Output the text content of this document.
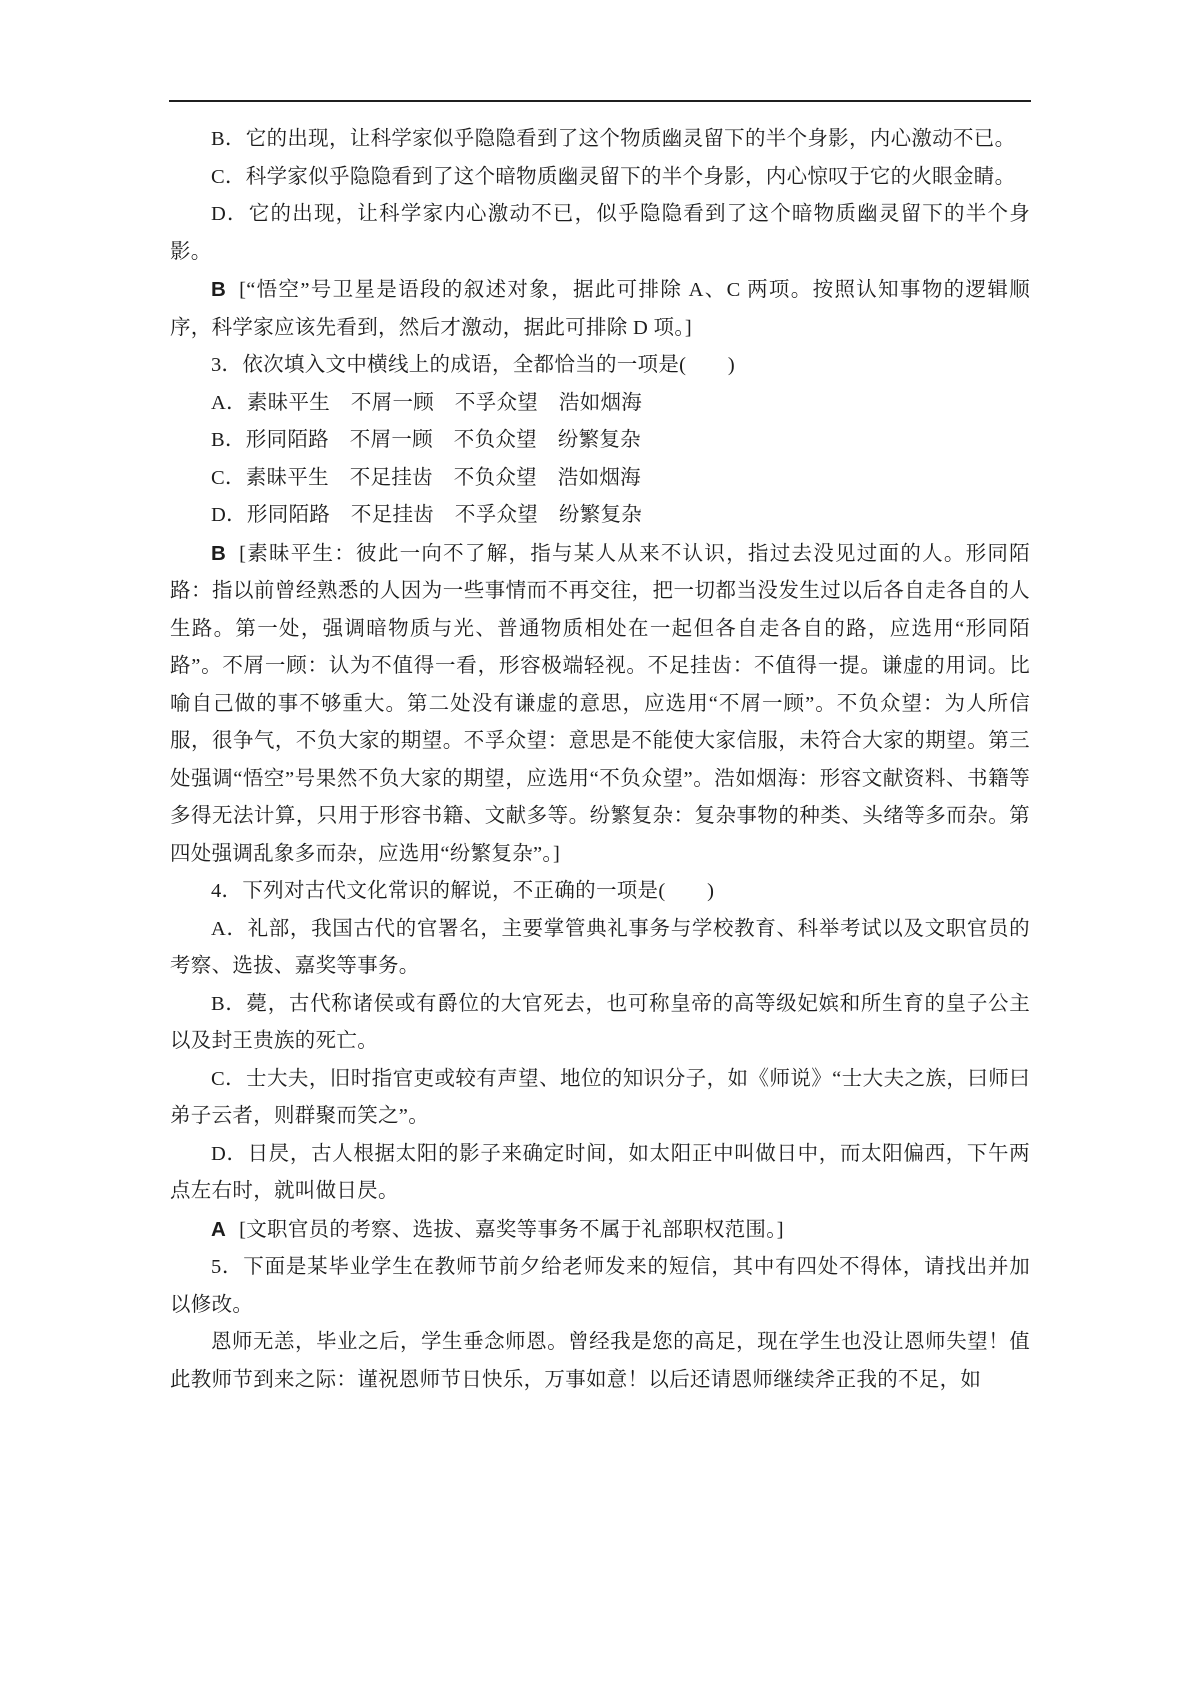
B．它的出现，让科学家似乎隐隐看到了这个物质幽灵留下的半个身影，内心激动不已。

C．科学家似乎隐隐看到了这个暗物质幽灵留下的半个身影，内心惊叹于它的火眼金睛。

D．它的出现，让科学家内心激动不已，似乎隐隐看到了这个暗物质幽灵留下的半个身影。

B [“悟空”号卫星是语段的叙述对象，据此可排除 A、C 两项。按照认知事物的逻辑顺序，科学家应该先看到，然后才激动，据此可排除 D 项。]

3．依次填入文中横线上的成语，全都恰当的一项是(　　)

A．素昧平生　不屑一顾　不孚众望　浩如烟海

B．形同陌路　不屑一顾　不负众望　纷繁复杂

C．素昧平生　不足挂齿　不负众望　浩如烟海

D．形同陌路　不足挂齿　不孚众望　纷繁复杂

B [素昧平生：彼此一向不了解，指与某人从来不认识，指过去没见过面的人。形同陌路：指以前曾经熟悉的人因为一些事情而不再交往，把一切都当没发生过以后各自走各自的人生路。第一处，强调暗物质与光、普通物质相处在一起但各自走各自的路，应选用“形同陌路”。不屑一顾：认为不值得一看，形容极端轻视。不足挂齿：不值得一提。谦虚的用词。比喻自己做的事不够重大。第二处没有谦虚的意思，应选用“不屑一顾”。不负众望：为人所信服，很争气，不负大家的期望。不孚众望：意思是不能使大家信服，未符合大家的期望。第三处强调“悟空”号果然不负大家的期望，应选用“不负众望”。浩如烟海：形容文献资料、书籍等多得无法计算，只用于形容书籍、文献多等。纷繁复杂：复杂事物的种类、头绪等多而杂。第四处强调乱象多而杂，应选用“纷繁复杂”。]

4．下列对古代文化常识的解说，不正确的一项是(　　)

A．礼部，我国古代的官署名，主要掌管典礼事务与学校教育、科举考试以及文职官员的考察、选拔、嘉奖等事务。

B．薨，古代称诸侯或有爵位的大官死去，也可称皇帝的高等级妃嫔和所生育的皇子公主以及封王贵族的死亡。

C．士大夫，旧时指官吏或较有声望、地位的知识分子，如《师说》“士大夫之族，曰师曰弟子云者，则群聚而笑之”。

D．日昃，古人根据太阳的影子来确定时间，如太阳正中叫做日中，而太阳偏西，下午两点左右时，就叫做日昃。

A [文职官员的考察、选拔、嘉奖等事务不属于礼部职权范围。]

5．下面是某毕业学生在教师节前夕给老师发来的短信，其中有四处不得体，请找出并加以修改。

恩师无恙，毕业之后，学生垂念师恩。曾经我是您的高足，现在学生也没让恩师失望！值此教师节到来之际：谨祝恩师节日快乐，万事如意！以后还请恩师继续斧正我的不足，如
